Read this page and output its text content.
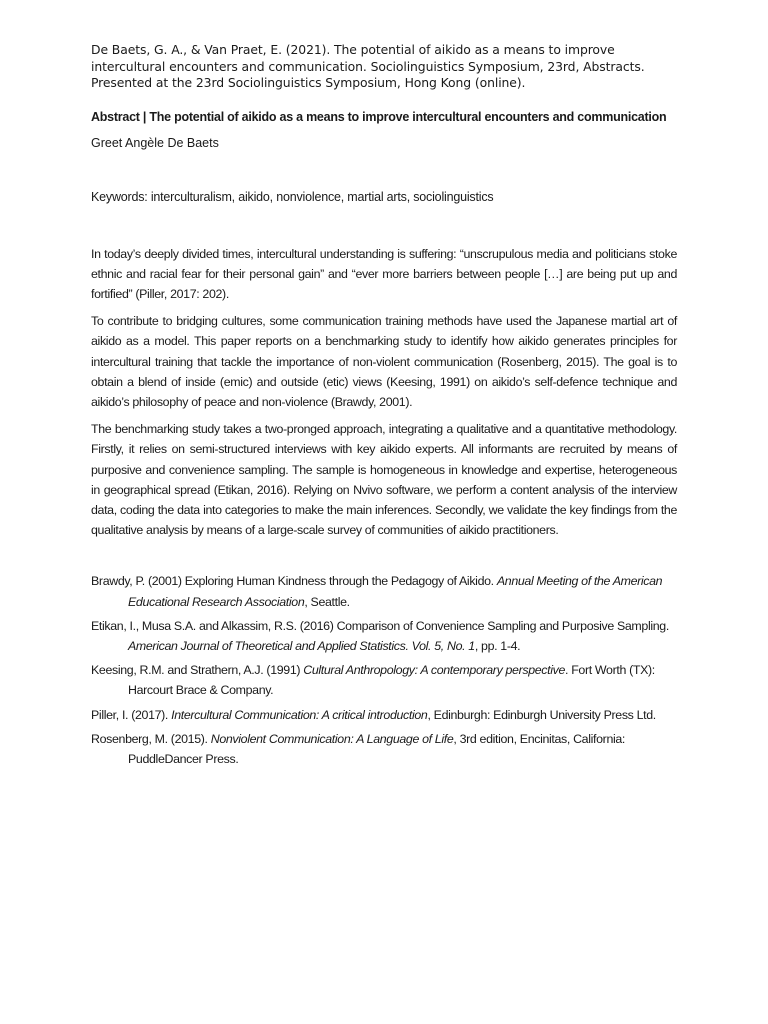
De Baets, G. A., & Van Praet, E. (2021). The potential of aikido as a means to improve intercultural encounters and communication. Sociolinguistics Symposium, 23rd, Abstracts. Presented at the 23rd Sociolinguistics Symposium, Hong Kong (online).

Abstract | The potential of aikido as a means to improve intercultural encounters and communication

Greet Angèle De Baets

Keywords: interculturalism, aikido, nonviolence, martial arts, sociolinguistics

In today’s deeply divided times, intercultural understanding is suffering: “unscrupulous media and politicians stoke ethnic and racial fear for their personal gain” and “ever more barriers between people […] are being put up and fortified” (Piller, 2017: 202).

To contribute to bridging cultures, some communication training methods have used the Japanese martial art of aikido as a model. This paper reports on a benchmarking study to identify how aikido generates principles for intercultural training that tackle the importance of non-violent communication (Rosenberg, 2015). The goal is to obtain a blend of inside (emic) and outside (etic) views (Keesing, 1991) on aikido’s self-defence technique and aikido’s philosophy of peace and non-violence (Brawdy, 2001).

The benchmarking study takes a two-pronged approach, integrating a qualitative and a quantitative methodology. Firstly, it relies on semi-structured interviews with key aikido experts. All informants are recruited by means of purposive and convenience sampling. The sample is homogeneous in knowledge and expertise, heterogeneous in geographical spread (Etikan, 2016). Relying on Nvivo software, we perform a content analysis of the interview data, coding the data into categories to make the main inferences. Secondly, we validate the key findings from the qualitative analysis by means of a large-scale survey of communities of aikido practitioners.

Brawdy, P. (2001) Exploring Human Kindness through the Pedagogy of Aikido. Annual Meeting of the American Educational Research Association, Seattle.

Etikan, I., Musa S.A. and Alkassim, R.S. (2016) Comparison of Convenience Sampling and Purposive Sampling. American Journal of Theoretical and Applied Statistics. Vol. 5, No. 1, pp. 1-4.

Keesing, R.M. and Strathern, A.J. (1991) Cultural Anthropology: A contemporary perspective. Fort Worth (TX): Harcourt Brace & Company.

Piller, I. (2017). Intercultural Communication: A critical introduction, Edinburgh: Edinburgh University Press Ltd.

Rosenberg, M. (2015). Nonviolent Communication: A Language of Life, 3rd edition, Encinitas, California: PuddleDancer Press.
